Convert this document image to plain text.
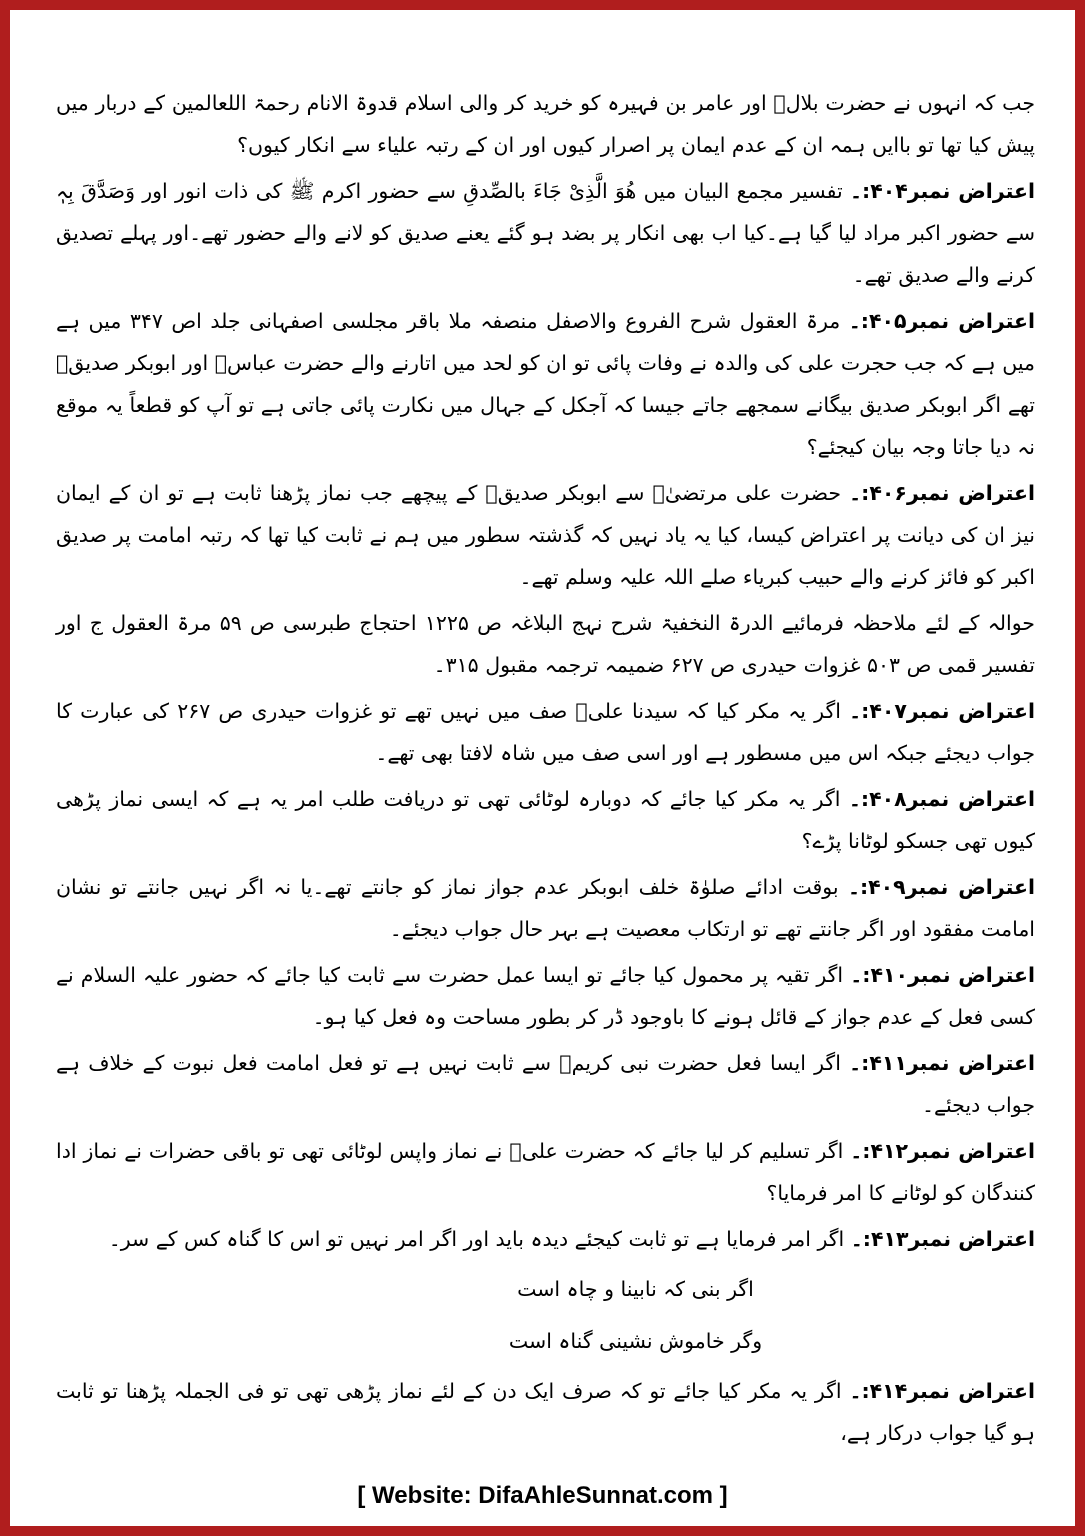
جب کہ انہوں نے حضرت بلالؓ اور عامر بن فہیرہ کو خرید کر والی اسلام قدوۃ الانام رحمۃ اللعالمین کے دربار میں پیش کیا تھا تو باایں ہمہ ان کے عدم ایمان پر اصرار کیوں اور ان کے رتبہ علیاء سے انکار کیوں؟

اعتراض نمبر۴۰۴:۔ تفسیر مجمع البیان میں ھُوَ الَّذِیْ جَاءَ بالصِّدقِ سے حضور اکرم ﷺ کی ذات انور اور وَصَدَّقَ بِہٖ سے حضور اکبر مراد لیا گیا ہے۔کیا اب بھی انکار پر بضد ہو گئے یعنے صدیق کو لانے والے حضور تھے۔اور پہلے تصدیق کرنے والے صدیق تھے۔

اعتراض نمبر۴۰۵:۔ مرۃ العقول شرح الفروع والاصفل منصفہ ملا باقر مجلسی اصفہانی جلد اص ۳۴۷ میں ہے میں ہے کہ جب حجرت علی کی والدہ نے وفات پائی تو ان کو لحد میں اتارنے والے حضرت عباسؓ اور ابوبکر صدیقؓ تھے اگر ابوبکر صدیق بیگانے سمجھے جاتے جیسا کہ آجکل کے جہال میں نکارت پائی جاتی ہے تو آپ کو قطعاً یہ موقع نہ دیا جاتا وجہ بیان کیجئے؟

اعتراض نمبر۴۰۶:۔ حضرت علی مرتضیٰؓ سے ابوبکر صدیقؓ کے پیچھے جب نماز پڑھنا ثابت ہے تو ان کے ایمان نیز ان کی دیانت پر اعتراض کیسا، کیا یہ یاد نہیں کہ گذشتہ سطور میں ہم نے ثابت کیا تھا کہ رتبہ امامت پر صدیق اکبر کو فائز کرنے والے حبیب کبریاء صلے اللہ علیہ وسلم تھے۔

حوالہ کے لئے ملاحظہ فرمائیے الدرۃ النخفیۃ شرح نہج البلاغہ ص ۱۲۲۵ احتجاج طبرسی ص ۵۹ مرۃ العقول ج اور تفسیر قمی ص ۵۰۳ غزوات حیدری ص ۶۲۷ ضمیمہ ترجمہ مقبول ۳۱۵۔

اعتراض نمبر۴۰۷:۔ اگر یہ مکر کیا کہ سیدنا علیؓ صف میں نہیں تھے تو غزوات حیدری ص ۲۶۷ کی عبارت کا جواب دیجئے جبکہ اس میں مسطور ہے اور اسی صف میں شاہ لافتا بھی تھے۔

اعتراض نمبر۴۰۸:۔ اگر یہ مکر کیا جائے کہ دوبارہ لوٹائی تھی تو دریافت طلب امر یہ ہے کہ ایسی نماز پڑھی کیوں تھی جسکو لوٹانا پڑے؟

اعتراض نمبر۴۰۹:۔ بوقت ادائے صلوٰۃ خلف ابوبکر عدم جواز نماز کو جانتے تھے۔یا نہ اگر نہیں جانتے تو نشان امامت مفقود اور اگر جانتے تھے تو ارتکاب معصیت ہے بہر حال جواب دیجئے۔

اعتراض نمبر۴۱۰:۔ اگر تقیہ پر محمول کیا جائے تو ایسا عمل حضرت سے ثابت کیا جائے کہ حضور علیہ السلام نے کسی فعل کے عدم جواز کے قائل ہونے کا باوجود ڈر کر بطور مساحت وہ فعل کیا ہو۔

اعتراض نمبر۴۱۱:۔ اگر ایسا فعل حضرت نبی کریمؐ سے ثابت نہیں ہے تو فعل امامت فعل نبوت کے خلاف ہے جواب دیجئے۔

اعتراض نمبر۴۱۲:۔ اگر تسلیم کر لیا جائے کہ حضرت علیؓ نے نماز واپس لوٹائی تھی تو باقی حضرات نے نماز ادا کنندگان کو لوٹانے کا امر فرمایا؟

اعتراض نمبر۴۱۳:۔ اگر امر فرمایا ہے تو ثابت کیجئے دیدہ باید اور اگر امر نہیں تو اس کا گناہ کس کے سر۔

اگر بنی کہ نابینا و چاہ است
وگر خاموش نشینی گناہ است

اعتراض نمبر۴۱۴:۔ اگر یہ مکر کیا جائے تو کہ صرف ایک دن کے لئے نماز پڑھی تھی تو فی الجملہ پڑھنا تو ثابت ہو گیا جواب درکار ہے،

[ Website: DifaAhleSunnat.com ]
